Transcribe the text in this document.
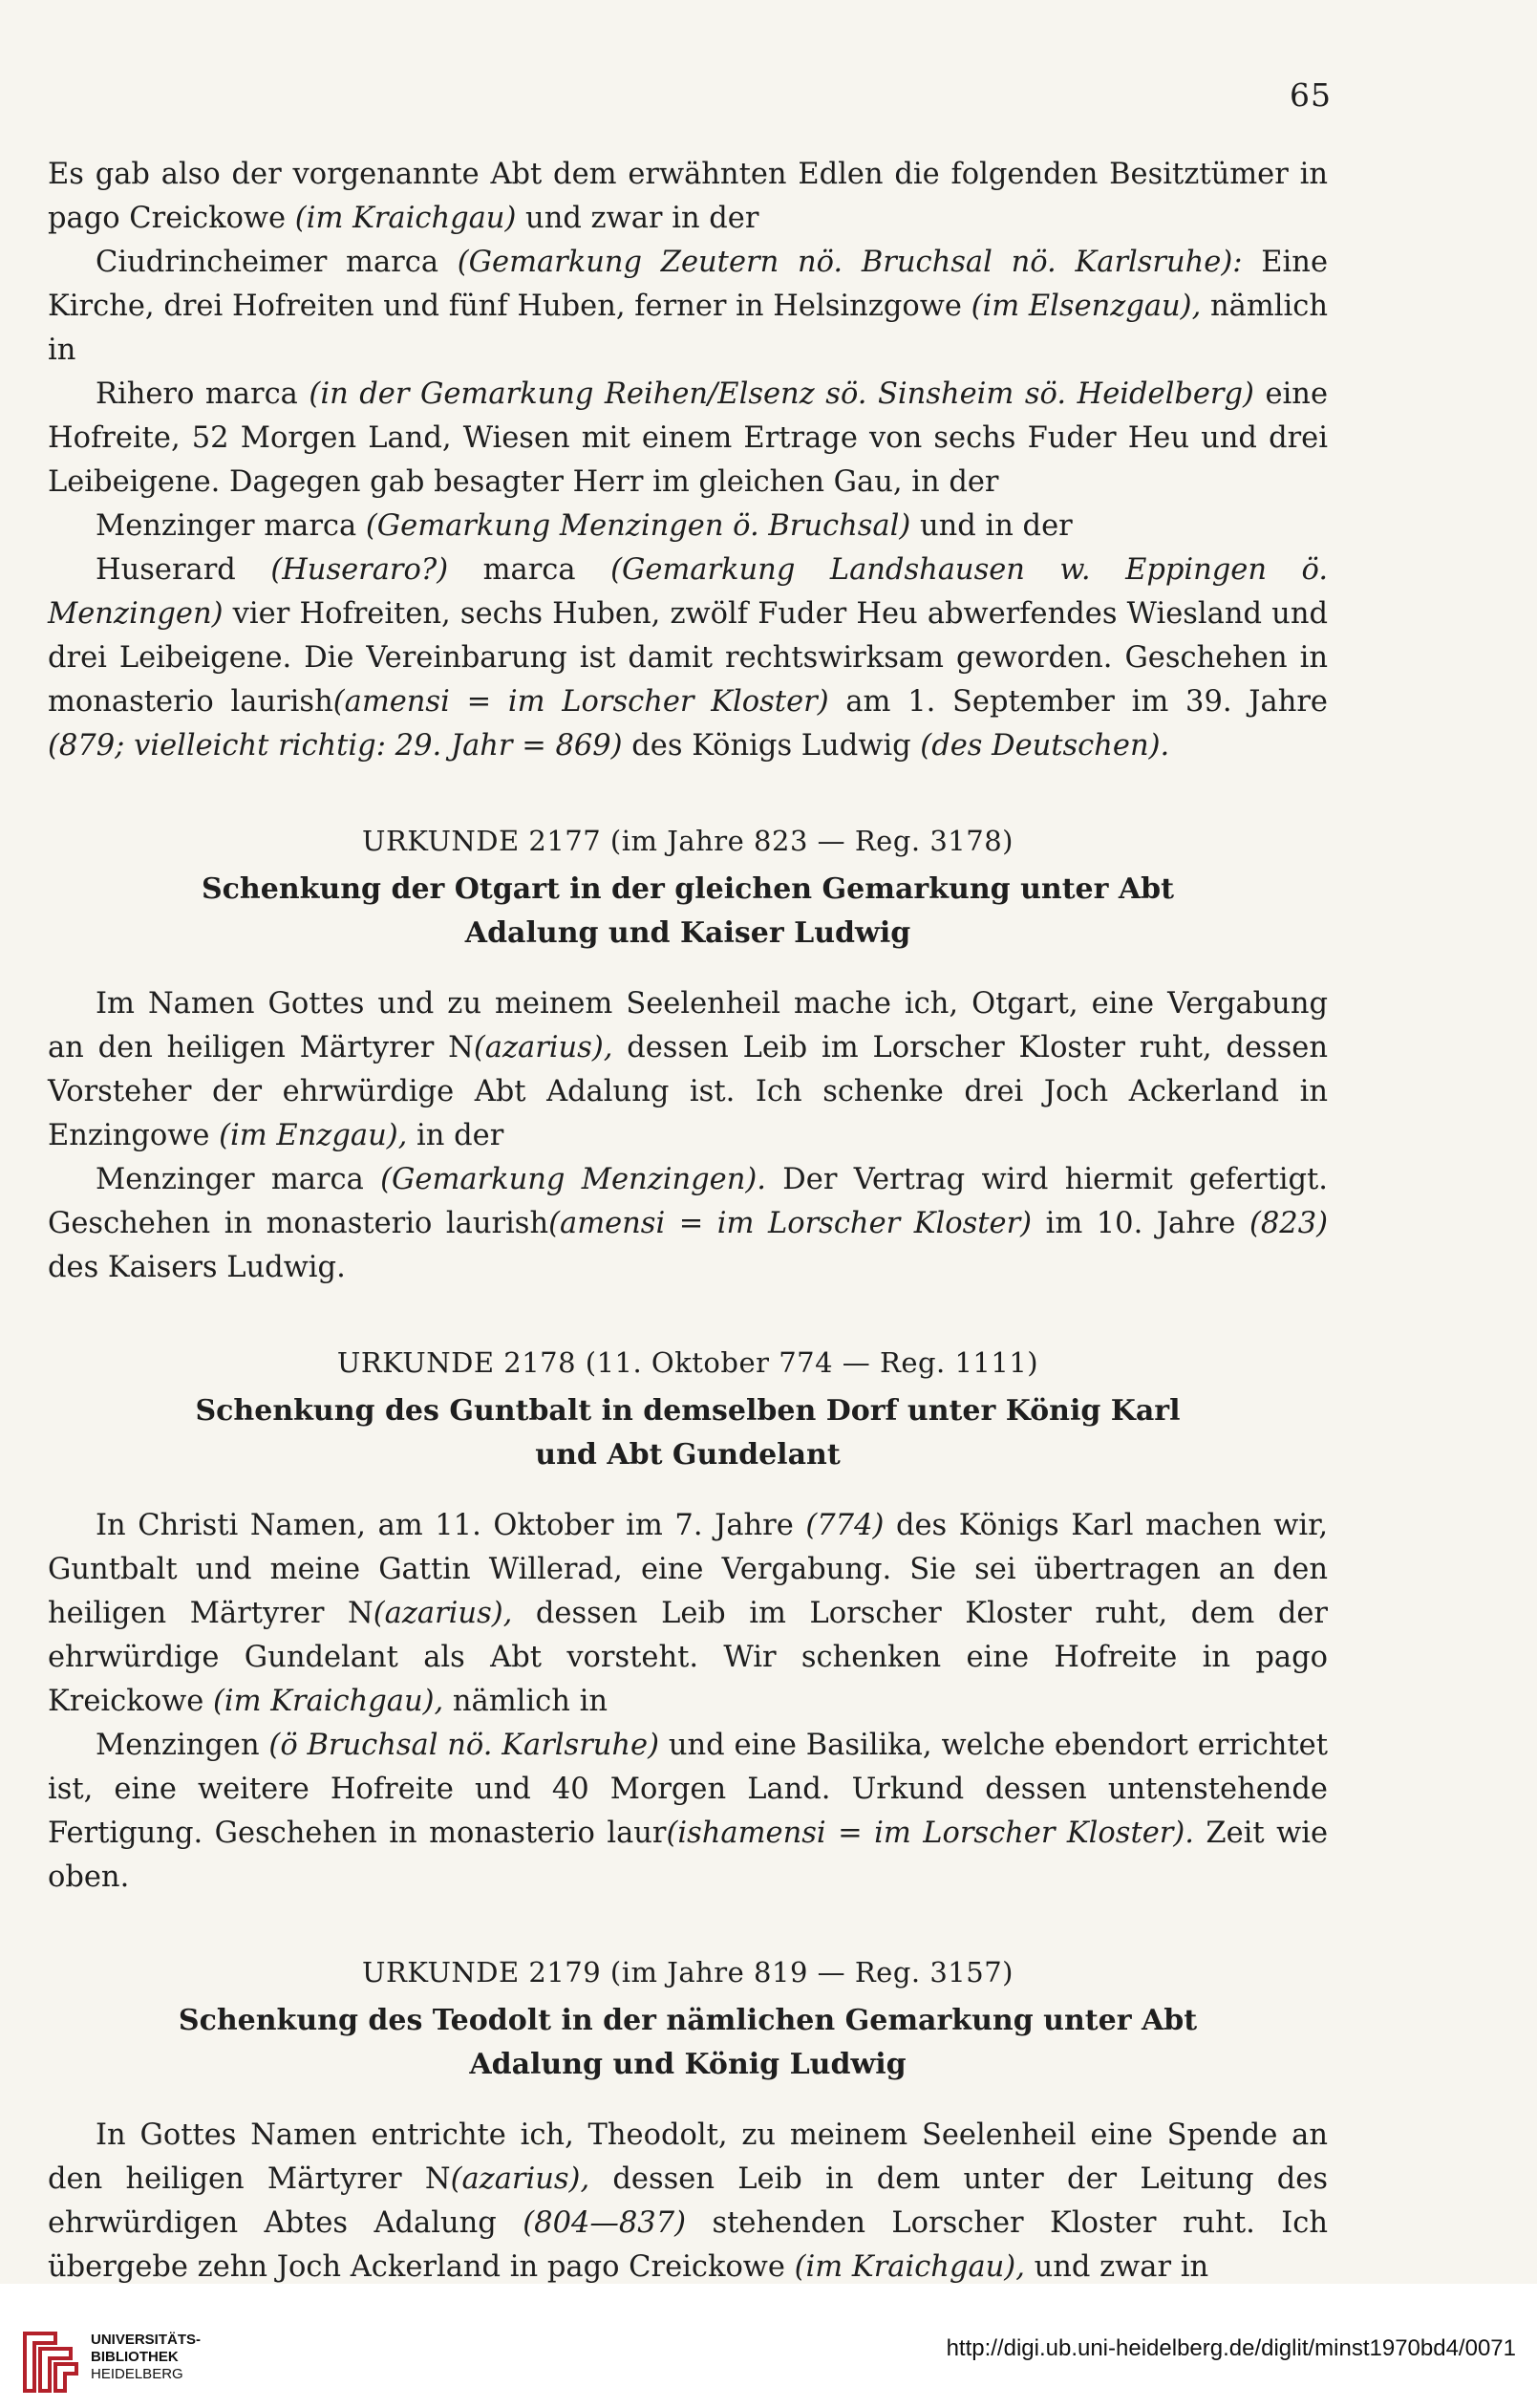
65

Es gab also der vorgenannte Abt dem erwähnten Edlen die folgenden Besitztümer in pago Creickowe (im Kraichgau) und zwar in der

Ciudrincheimer marca (Gemarkung Zeutern nö. Bruchsal nö. Karlsruhe): Eine Kirche, drei Hofreiten und fünf Huben, ferner in Helsinzgowe (im Elsenzgau), nämlich in

Rihero marca (in der Gemarkung Reihen/Elsenz sö. Sinsheim sö. Heidelberg) eine Hofreite, 52 Morgen Land, Wiesen mit einem Ertrage von sechs Fuder Heu und drei Leibeigene. Dagegen gab besagter Herr im gleichen Gau, in der

Menzinger marca (Gemarkung Menzingen ö. Bruchsal) und in der

Huserard (Huseraro?) marca (Gemarkung Landshausen w. Eppingen ö. Menzingen) vier Hofreiten, sechs Huben, zwölf Fuder Heu abwerfendes Wiesland und drei Leibeigene. Die Vereinbarung ist damit rechtswirksam geworden. Geschehen in monasterio laurish(amensi = im Lorscher Kloster) am 1. September im 39. Jahre (879; vielleicht richtig: 29. Jahr = 869) des Königs Ludwig (des Deutschen).

URKUNDE 2177 (im Jahre 823 — Reg. 3178)
Schenkung der Otgart in der gleichen Gemarkung unter Abt Adalung und Kaiser Ludwig

Im Namen Gottes und zu meinem Seelenheil mache ich, Otgart, eine Vergabung an den heiligen Märtyrer N(azarius), dessen Leib im Lorscher Kloster ruht, dessen Vorsteher der ehrwürdige Abt Adalung ist. Ich schenke drei Joch Ackerland in Enzingowe (im Enzgau), in der

Menzinger marca (Gemarkung Menzingen). Der Vertrag wird hiermit gefertigt. Geschehen in monasterio laurish(amensi = im Lorscher Kloster) im 10. Jahre (823) des Kaisers Ludwig.

URKUNDE 2178 (11. Oktober 774 — Reg. 1111)
Schenkung des Guntbalt in demselben Dorf unter König Karl und Abt Gundelant

In Christi Namen, am 11. Oktober im 7. Jahre (774) des Königs Karl machen wir, Guntbalt und meine Gattin Willerad, eine Vergabung. Sie sei übertragen an den heiligen Märtyrer N(azarius), dessen Leib im Lorscher Kloster ruht, dem der ehrwürdige Gundelant als Abt vorsteht. Wir schenken eine Hofreite in pago Kreickowe (im Kraichgau), nämlich in

Menzingen (ö Bruchsal nö. Karlsruhe) und eine Basilika, welche ebendort errichtet ist, eine weitere Hofreite und 40 Morgen Land. Urkund dessen untenstehende Fertigung. Geschehen in monasterio laur(ishamensi = im Lorscher Kloster). Zeit wie oben.

URKUNDE 2179 (im Jahre 819 — Reg. 3157)
Schenkung des Teodolt in der nämlichen Gemarkung unter Abt Adalung und König Ludwig

In Gottes Namen entrichte ich, Theodolt, zu meinem Seelenheil eine Spende an den heiligen Märtyrer N(azarius), dessen Leib in dem unter der Leitung des ehrwürdigen Abtes Adalung (804—837) stehenden Lorscher Kloster ruht. Ich übergebe zehn Joch Ackerland in pago Creickowe (im Kraichgau), und zwar in

UNIVERSITÄTS-
BIBLIOTHEK
HEIDELBERG
http://digi.ub.uni-heidelberg.de/diglit/minst1970bd4/0071
